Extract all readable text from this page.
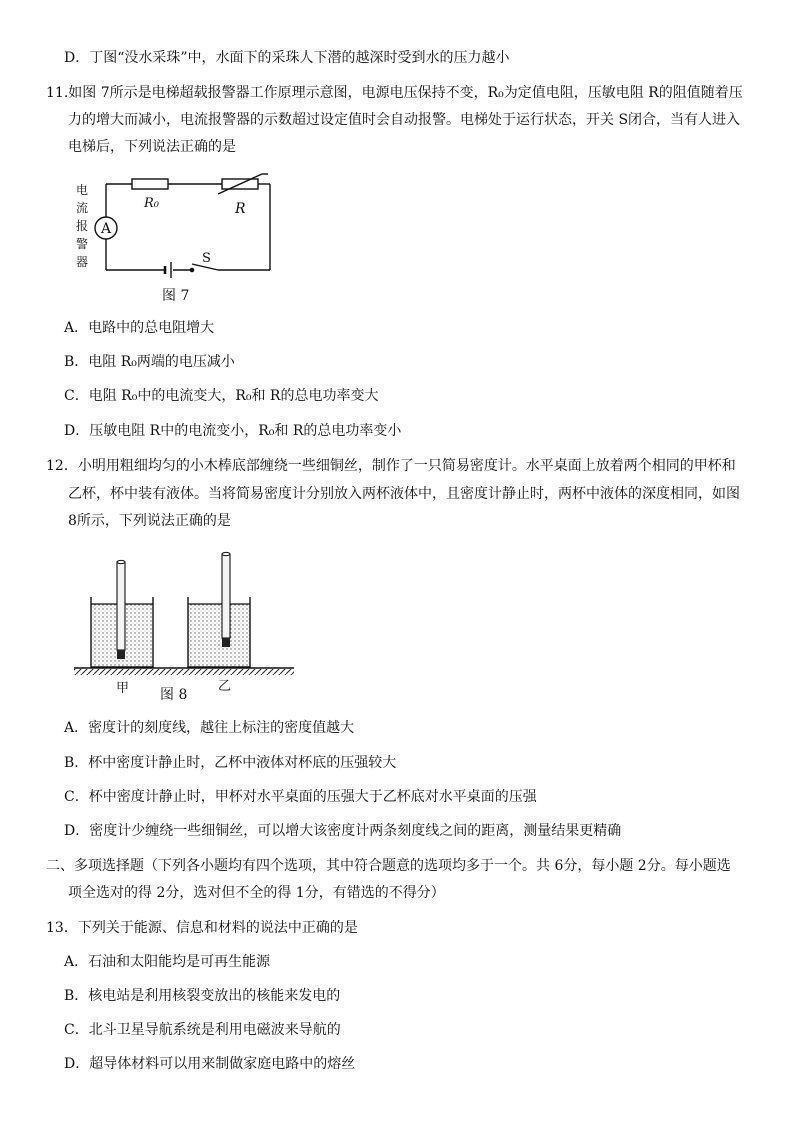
D．丁图“没水采珠”中，水面下的采珠人下潜的越深时受到水的压力越小
11.如图 7所示是电梯超载报警器工作原理示意图，电源电压保持不变，R₀为定值电阻，压敏电阻 R的阻值随着压
力的增大而减小，电流报警器的示数超过设定值时会自动报警。电梯处于运行状态，开关 S闭合，当有人进入
电梯后，下列说法正确的是
A
R₀	R
S
电
流
报
警
器
图 7
A．电路中的总电阻增大
B．电阻 R₀两端的电压减小
C．电阻 R₀中的电流变大，R₀和 R的总电功率变大
D．压敏电阻 R中的电流变小，R₀和 R的总电功率变小
12．小明用粗细均匀的小木棒底部缠绕一些细铜丝，制作了一只简易密度计。水平桌面上放着两个相同的甲杯和
乙杯，杯中装有液体。当将简易密度计分别放入两杯液体中，且密度计静止时，两杯中液体的深度相同，如图
8所示，下列说法正确的是
甲 图 8
乙
A．密度计的刻度线，越往上标注的密度值越大
B．杯中密度计静止时，乙杯中液体对杯底的压强较大
C．杯中密度计静止时，甲杯对水平桌面的压强大于乙杯底对水平桌面的压强
D．密度计少缠绕一些细铜丝，可以增大该密度计两条刻度线之间的距离，测量结果更精确
二、多项选择题（下列各小题均有四个选项，其中符合题意的选项均多于一个。共 6分，每小题 2分。每小题选
项全选对的得 2分，选对但不全的得 1分，有错选的不得分）
13．下列关于能源、信息和材料的说法中正确的是
A．石油和太阳能均是可再生能源
B．核电站是利用核裂变放出的核能来发电的
C．北斗卫星导航系统是利用电磁波来导航的
D．超导体材料可以用来制做家庭电路中的熔丝
